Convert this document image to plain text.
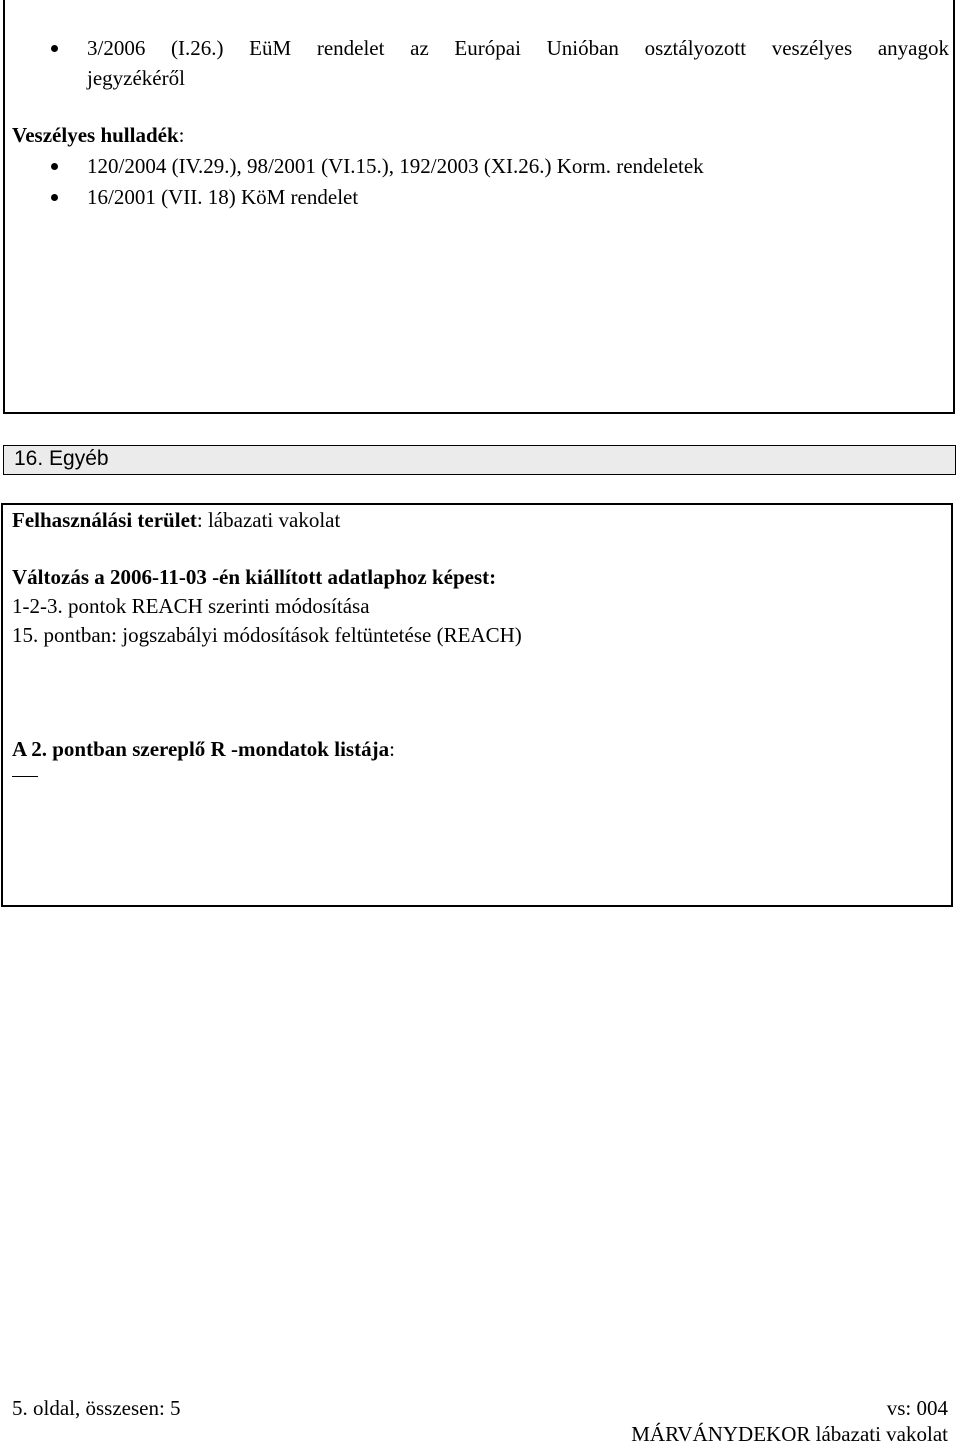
3/2006 (I.26.) EüM rendelet az Európai Unióban osztályozott veszélyes anyagok
jegyzékéről
Veszélyes hulladék:
120/2004 (IV.29.), 98/2001 (VI.15.), 192/2003 (XI.26.) Korm. rendeletek
16/2001 (VII. 18) KöM rendelet
16. Egyéb
Felhasználási terület: lábazati vakolat
Változás a 2006-11-03 -én kiállított adatlaphoz képest:
1-2-3. pontok REACH szerinti módosítása
15. pontban: jogszabályi módosítások feltüntetése (REACH)
A 2. pontban szereplő R -mondatok listája:
5. oldal, összesen: 5	vs: 004
MÁRVÁNYDEKOR lábazati vakolat
